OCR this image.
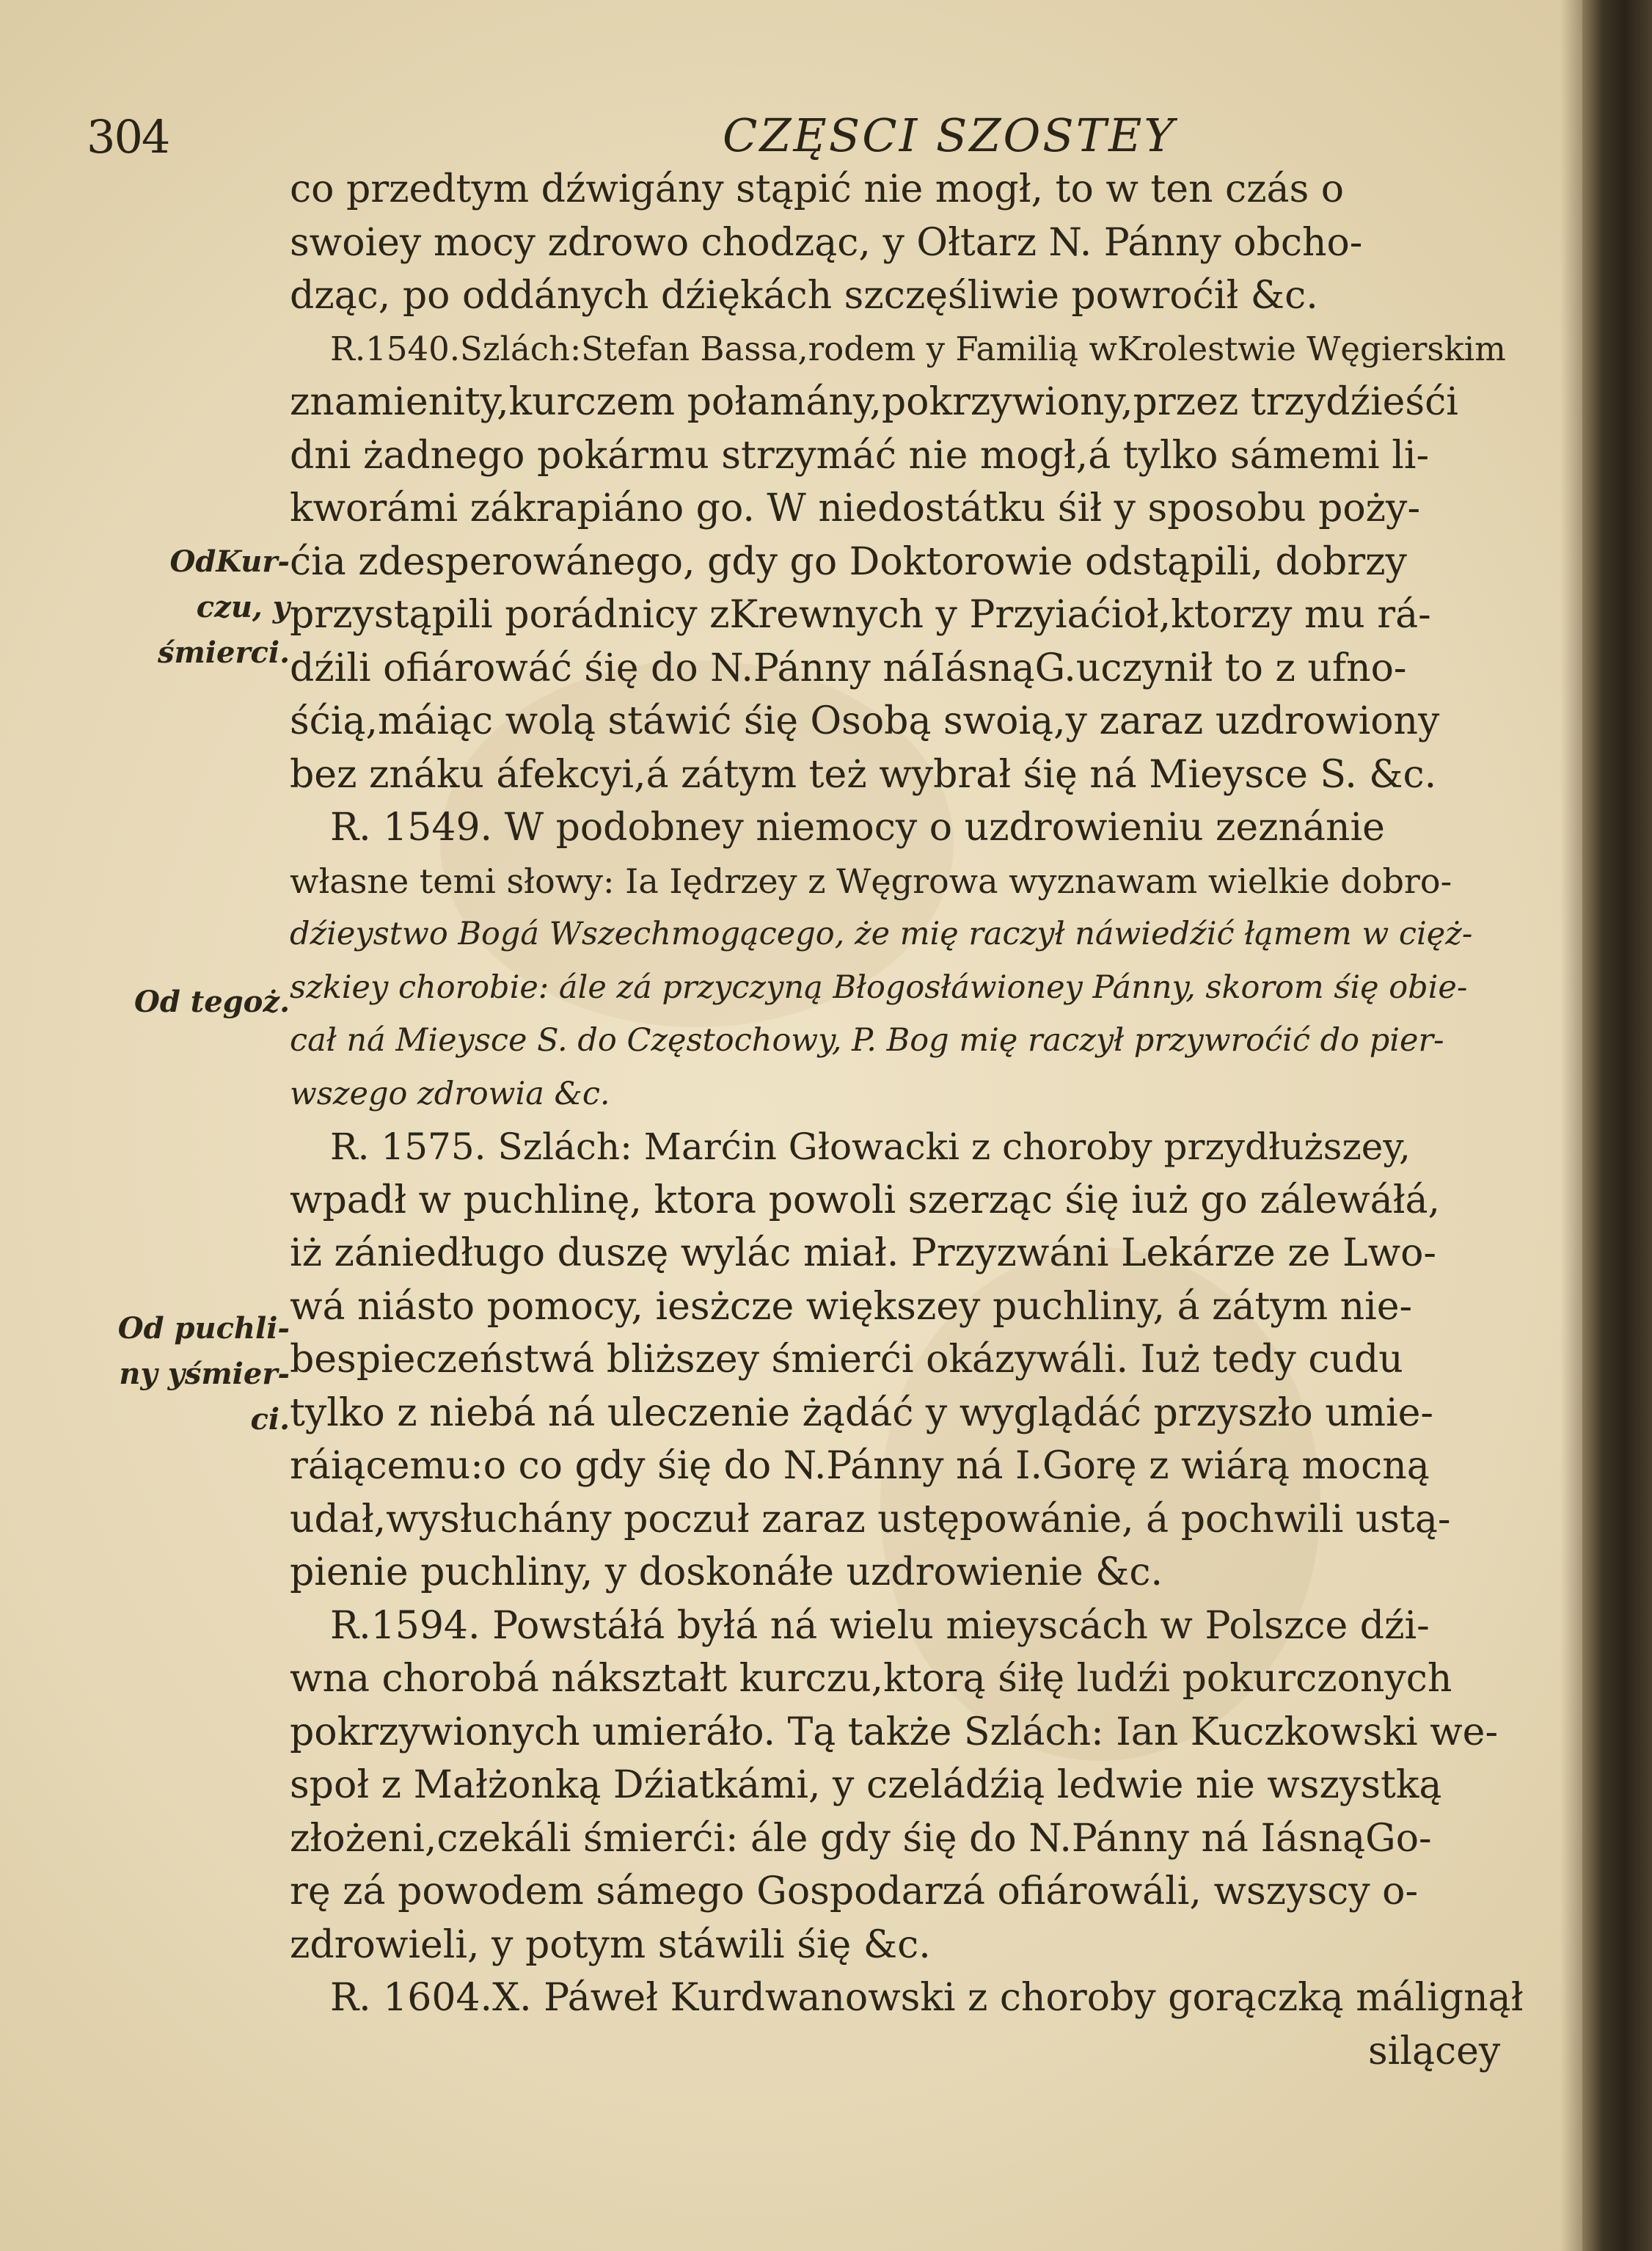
304	CZĘSCI SZOSTEY
OdKur-
czu, y
śmierci.
Od tegoż.
Od puchli-
ny yśmier-
ci.
co przedtym dźwigány stąpić nie mogł, to w ten czás o
swoiey mocy zdrowo chodząc, y Ołtarz N. Pánny obcho-
dząc, po oddánych dźiękách szczęśliwie powroćił &c.
R.1540.Szlách:Stefan Bassa,rodem y Familią wKrolestwie Węgierskim
znamienity,kurczem połamány,pokrzywiony,przez trzydźieśći
dni żadnego pokármu strzymáć nie mogł,á tylko sámemi li-
kworámi zákrapiáno go. W niedostátku śił y sposobu poży-
ćia zdesperowánego, gdy go Doktorowie odstąpili, dobrzy
przystąpili porádnicy zKrewnych y Przyiaćioł,ktorzy mu rá-
dźili ofiárowáć śię do N.Pánny náIásnąG.uczynił to z ufno-
śćią,máiąc wolą stáwić śię Osobą swoią,y zaraz uzdrowiony
bez znáku áfekcyi,á zátym też wybrał śię ná Mieysce S. &c.
R. 1549. W podobney niemocy o uzdrowieniu zeznánie
własne temi słowy: Ia Iędrzey z Węgrowa wyznawam wielkie dobro-
dźieystwo Bogá Wszechmogącego, że mię raczył náwiedźić łąmem w cięż-
szkiey chorobie: ále zá przyczyną Błogosłáwioney Pánny, skorom śię obie-
cał ná Mieysce S. do Częstochowy, P. Bog mię raczył przywroćić do pier-
wszego zdrowia &c.
R. 1575. Szlách: Marćin Głowacki z choroby przydłuższey,
wpadł w puchlinę, ktora powoli szerząc śię iuż go zálewáłá,
iż zániedługo duszę wylác miał. Przyzwáni Lekárze ze Lwo-
wá niásto pomocy, iesżcze większey puchliny, á zátym nie-
bespieczeństwá bliższey śmierći okázywáli. Iuż tedy cudu
tylko z niebá ná uleczenie żądáć y wyglądáć przyszło umie-
ráiącemu:o co gdy śię do N.Pánny ná I.Gorę z wiárą mocną
udał,wysłuchány poczuł zaraz ustępowánie, á pochwili ustą-
pienie puchliny, y doskonáłe uzdrowienie &c.
R.1594. Powstáłá byłá ná wielu mieyscách w Polszce dźi-
wna chorobá nákształt kurczu,ktorą śiłę ludźi pokurczonych
pokrzywionych umieráło. Tą także Szlách: Ian Kuczkowski we-
społ z Małżonką Dźiatkámi, y czeládźią ledwie nie wszystką
złożeni,czekáli śmierći: ále gdy śię do N.Pánny ná IásnąGo-
rę zá powodem sámego Gospodarzá ofiárowáli, wszyscy o-
zdrowieli, y potym stáwili śię &c.
R. 1604.X. Páweł Kurdwanowski z choroby gorączką málignął
silącey
